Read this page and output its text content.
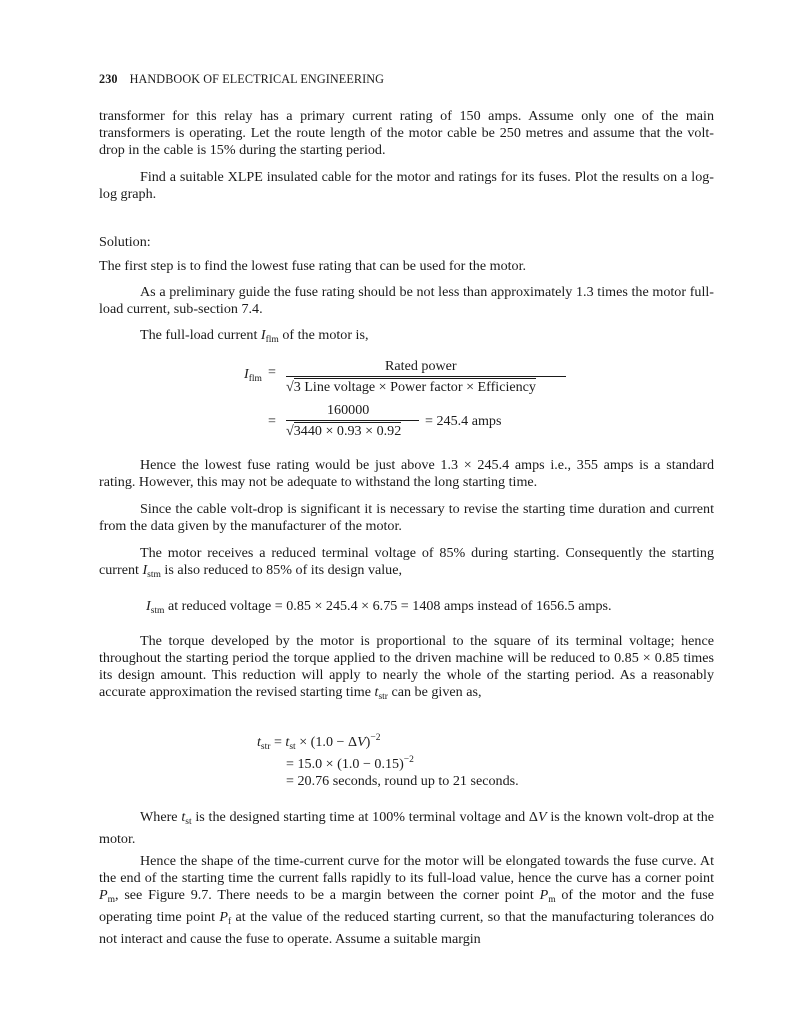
230 HANDBOOK OF ELECTRICAL ENGINEERING

transformer for this relay has a primary current rating of 150 amps. Assume only one of the main transformers is operating. Let the route length of the motor cable be 250 metres and assume that the volt-drop in the cable is 15% during the starting period.

Find a suitable XLPE insulated cable for the motor and ratings for its fuses. Plot the results on a log-log graph.

Solution:

The first step is to find the lowest fuse rating that can be used for the motor.

As a preliminary guide the fuse rating should be not less than approximately 1.3 times the motor full-load current, sub-section 7.4.

The full-load current $I_{flm}$ of the motor is,

$I_{flm}$ =	Rated power
√3 Line voltage × Power factor × Efficiency
=
160000
√3440 × 0.93 × 0.92
= 245.4 amps

Hence the lowest fuse rating would be just above 1.3 × 245.4 amps i.e., 355 amps is a standard rating. However, this may not be adequate to withstand the long starting time.

Since the cable volt-drop is significant it is necessary to revise the starting time duration and current from the data given by the manufacturer of the motor.

The motor receives a reduced terminal voltage of 85% during starting. Consequently the starting current $I_{stm}$ is also reduced to 85% of its design value,

$I_{stm}$ at reduced voltage = 0.85 × 245.4 × 6.75 = 1408 amps instead of 1656.5 amps.

The torque developed by the motor is proportional to the square of its terminal voltage; hence throughout the starting period the torque applied to the driven machine will be reduced to 0.85 × 0.85 times its design amount. This reduction will apply to nearly the whole of the starting period. As a reasonably accurate approximation the revised starting time $t_{str}$ can be given as,

$t_{str} = t_{st} \times (1.0 - \Delta V)^{-2}$
= $15.0 \times (1.0 - 0.15)^{-2}$
= 20.76 seconds, round up to 21 seconds.

Where $t_{st}$ is the designed starting time at 100% terminal voltage and ΔV is the known volt-drop at the motor.

Hence the shape of the time-current curve for the motor will be elongated towards the fuse curve. At the end of the starting time the current falls rapidly to its full-load value, hence the curve has a corner point $P_m$, see Figure 9.7. There needs to be a margin between the corner point $P_m$ of the motor and the fuse operating time point $P_f$ at the value of the reduced starting current, so that the manufacturing tolerances do not interact and cause the fuse to operate. Assume a suitable margin
